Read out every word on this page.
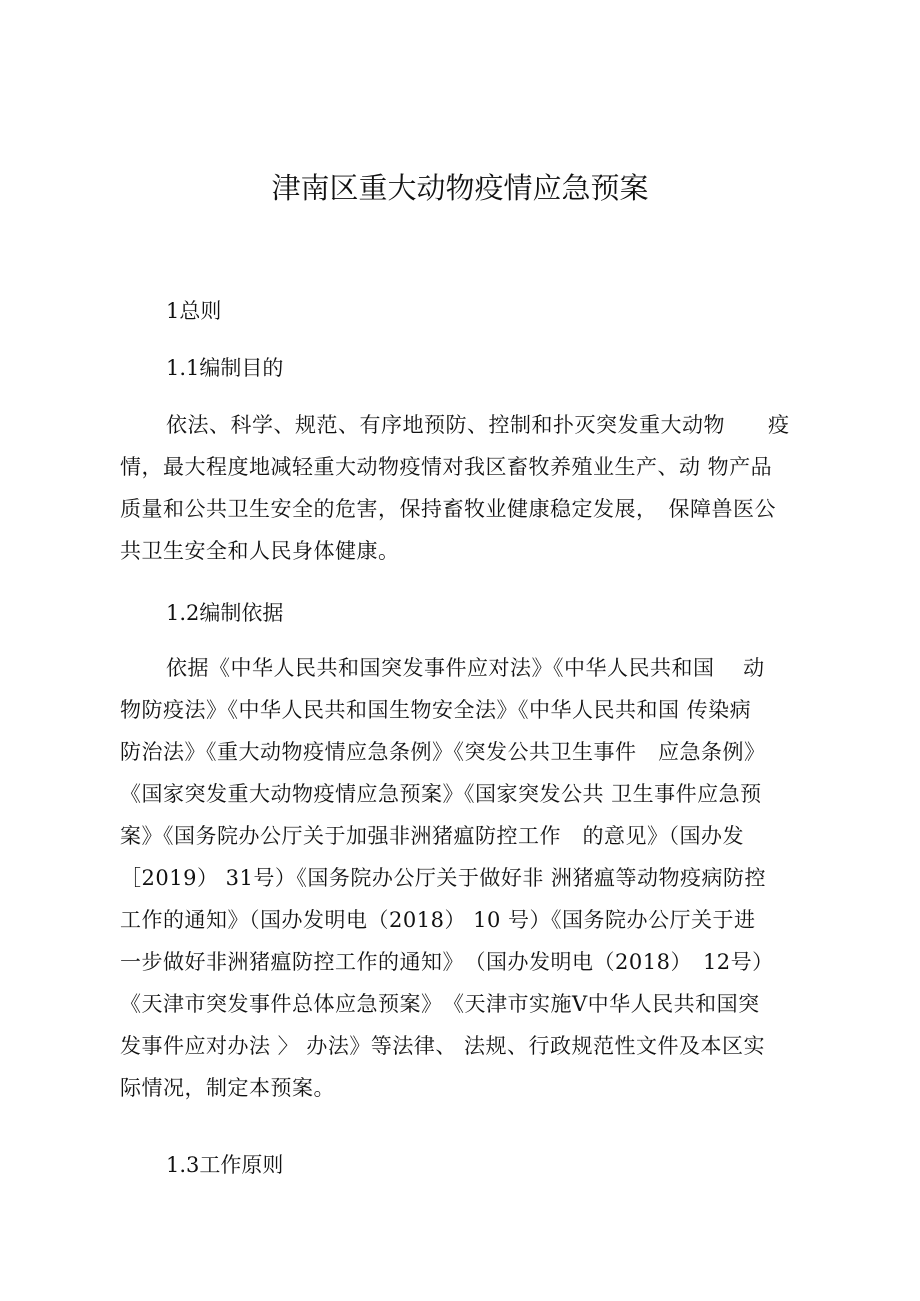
津南区重大动物疫情应急预案

1总则

1.1编制目的

依法、科学、规范、有序地预防、控制和扑灭突发重大动物　　疫
情，最大程度地减轻重大动物疫情对我区畜牧养殖业生产、动 物产品
质量和公共卫生安全的危害，保持畜牧业健康稳定发展，　保障兽医公
共卫生安全和人民身体健康。

1.2编制依据

依据《中华人民共和国突发事件应对法》《中华人民共和国　 动
物防疫法》《中华人民共和国生物安全法》《中华人民共和国 传染病
防治法》《重大动物疫情应急条例》《突发公共卫生事件　应急条例》
《国家突发重大动物疫情应急预案》《国家突发公共 卫生事件应急预
案》《国务院办公厅关于加强非洲猪瘟防控工作　的意见》（国办发
［2019） 31号）《国务院办公厅关于做好非 洲猪瘟等动物疫病防控
工作的通知》（国办发明电（2018） 10 号）《国务院办公厅关于进
一步做好非洲猪瘟防控工作的通知》　（国办发明电（2018）　12号）
《天津市突发事件总体应急预案》　《天津市实施V中华人民共和国突
发事件应对办法 〉 办法》等法律、 法规、行政规范性文件及本区实
际情况，制定本预案。

1.3工作原则
